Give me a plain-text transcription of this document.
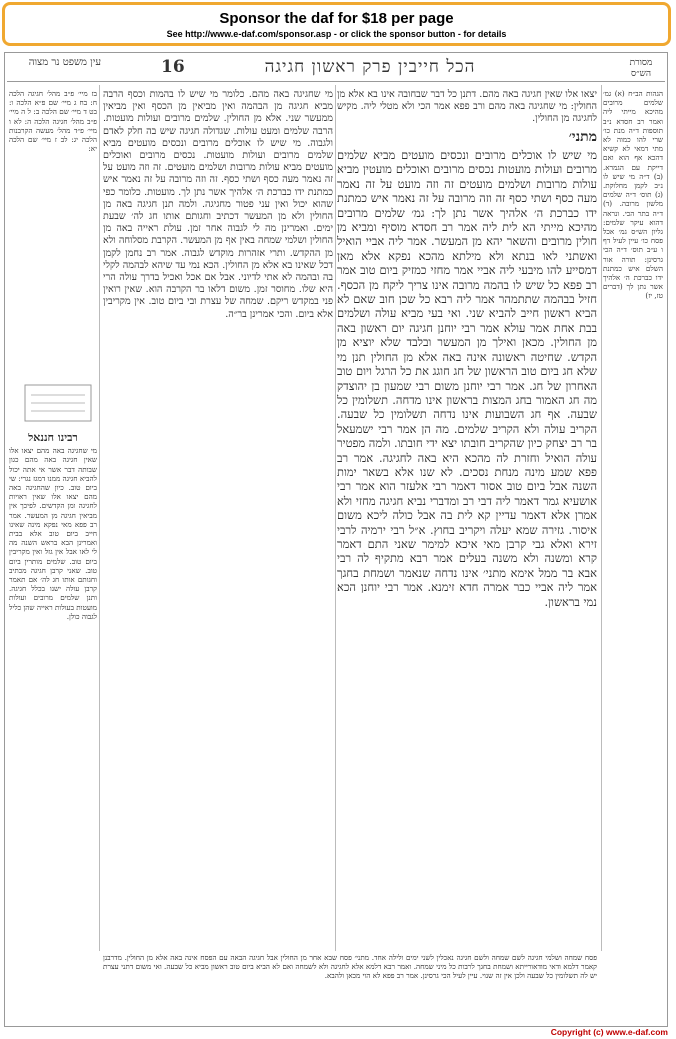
Sponsor the daf for $18 per page
See http://www.e-daf.com/sponsor.asp - or click the sponsor button - for details
עין משפט נר מצוה	16	הכל חייבין פרק ראשון חגיגה	מסורת הש״ס
בז מיי׳ פ״ב מהל׳ חגיגה הלכה ח: בח ג מיי׳ שם פ״א הלכה ו: בט ד מיי׳ שם הלכה ב: ל ה מיי׳ פ״ב מהל׳ חגיגה הלכה ה: לא ו מיי׳ פ״ד מהל׳ מעשה הקרבנות הלכה יג: לב ז מיי׳ שם הלכה יא:
רבינו חננאל
מי שחגיגה באה מהם יצאו אלו שאין חגיגה באה מהם כגון שבותה דבר אשר אי אתה יכול להביא חגיגה ממנו דמגז נגרי: שי ביום טוב. כיון שהחגיגה באה מהם יצאו אלו שאין ראויות לחגיגה ומן הקדשים. לפיכך אין מביאין חגיגה מן המעשר. אמר רב פפא מאי נפקא מינה שאינו חייב ביום טוב אלא בבית ואמרינן הבא בראש השנה מה לי לאו אבל אין גזל ואין מקריבין ביום טוב. שלמים מותרין ביום טוב. שאני קרבן חגיגה מכתיב וחגותם אותו חג לה׳ אם תאמר קרבן עולה ישנו בכלל חגיגה. ותנן שלמים מרובים ועולות מועטות בעולות ראייה שהן כליל לגבוה כולן.
מי שחגיגה באה מהם. כלומר מי שיש לו בהמות וכסף הרבה מביא חגיגה מן הבהמה ואין מביאין מן הכסף ואין מביאין ממעשר שני. אלא מן החולין. שלמים מרובים ועולות מועטות. הרבה שלמים ומעט עולות. שגדולה חגיגה שיש בה חלק לאדם ולגבוה. מי שיש לו אוכלים מרובים ונכסים מועטים מביא שלמים מרובים ועולות מועטות. נכסים מרובים ואוכלים מועטים מביא עולות מרובות ושלמים מועטים. זה וזה מועט על זה נאמר מעה כסף ושתי כסף. זה וזה מרובה על זה נאמר איש כמתנת ידו כברכת ה׳ אלהיך אשר נתן לך. מועטות. כלומר כפי שהוא יכול ואין עני פטור מחגיגה. ולמה תנן חגיגה באה מן החולין ולא מן המעשר דכתיב וחגותם אותו חג לה׳ שבעת ימים. ואמרינן מה לי לגבוה אחר זמן. עולת ראייה באה מן החולין ושלמי שמחה באין אף מן המעשר. הקרבת מסלוחה ולא מן ההקדש. ותרי אזהרות מוקדש לגבוה. אמר רב נחמן לקמן דכל שאינו בא אלא מן החולין. הכא נמי עד שיהא לבהמה לקלי בה ובהמה לא אתי לדיוני. אבל אם אכל ואכיל בדרך עולה הרי היא שלו. מחוסר זמן. משום דלאו בר הקרבה הוא. שאין רואין פני במקדש ריקם. שמחה של עצרת ובי ביום טוב. אין מקריבין אלא ביום. והכי אמרינן בר״ה.
יצאו אלו שאין חגיגה באה מהם. דתנן כל דבר שבחובה אינו בא אלא מן החולין: מי שחגיגה באה מהם ורב פפא אמר הכי ולא מטלי ליה. מקיש לחגיגה מן החולין.
מתני׳
מי שיש לו אוכלים מרובים ונכסים מועטים מביא שלמים מרובים ועולות מועטות נכסים מרובים ואוכלים מועטין מביא עולות מרובות ושלמים מועטים זה וזה מועט על זה נאמר מעה כסף ושתי כסף זה וזה מרובה על זה נאמר איש כמתנת ידו כברכת ה׳ אלהיך אשר נתן לך: גמ׳ שלמים מרובים מהיכא מייתי הא לית ליה אמר רב חסדא מוסיף ומביא מן חולין מרובים והשאר יהא מן המעשר. אמר ליה אביי הואיל ואשתני לאו בנתא ולא מילתא מהכא נפקא אלא מאן דמסייע להו מיבעי ליה אביי אמר מחזי כמזיק ביום טוב אמר רב פפא כל שיש לו בהמה מרובה אינו צריך ליקח מן הכסף. חזיל בבהמה שתתמהר אמר ליה רבא כל שכן חוב שאם לא הביא ראשון חייב להביא שני. ואי בעי מביא עולה ושלמים בבת אחת אמר עולא אמר רבי יוחנן חגיגה יום ראשון באה מן החולין. מכאן ואילך מן המעשר ובלבד שלא יוציא מן הקדש. שחיטה ראשונה אינה באה אלא מן החולין תנן מי שלא חג ביום טוב הראשון של חג חוגג את כל הרגל ויום טוב האחרון של חג. אמר רבי יוחנן משום רבי שמעון בן יהוצדק מה חג האמור בחג המצות בראשון אינו מדחה. תשלומין כל שבעה. אף חג השבועות אינו נדחה תשלומין כל שבעה. הקריב עולה ולא הקריב שלמים. מה הן אמר רבי ישמעאל בר רב יצחק כיון שהקריב חובתו יצא ידי חובתו. ולמה מפטיר עולה הואיל וחזרת לה מהכא היא באה לחגיגה. אמר רב פפא שמע מינה מנחת נסכים. לא שנו אלא בשאר ימות השנה אבל ביום טוב אסור דאמר רבי אלעזר הוא אמר רבי אושעיא גמר דאמר ליה דבי רב ומדברי נביא חגיגה מחזי ולא אמרן אלא דאמר עדיין קא לית בה אבל כולה ליכא משום איסור. גזירה שמא יעלה ויקריב בחוץ. א״ל רבי ירמיה לרבי זירא ואלא גבי קרבן מאי איכא למימר שאני התם דאמר קרא ומשנה ולא משנה בעלים אמר רבא מתקיף לה רבי אבא בר ממל אימא מתני׳ אינו נדחה שנאמר ושמחת בחגך אמר ליה אביי כבר אמרה חדא זימנא. אמר רבי יוחנן הכא נמי בראשון.
הגהות הב״ח (א) גמ׳ שלמים מרובים מהיכא מייתי ליה ואמר רב חסדא נ״ב תוספות ד״ה מנת כו׳ שרי להו כמוה לא מתי דמאי לא קשיא דהכא אף הוא ואם דייקת עם הגמרא. (ב) ד״ה מי שיש לו נ״ב לקמן מחלוקת. (ג) תוס׳ ד״ה שלמים מלשון מרובה. (ד) ד״ה בתר הכי. ונראה דהוא עיקר שלמים: גליון הש״ס גמ׳ אכל פסח כו׳ עיין לעיל דף ו ע״ב תוס׳ ד״ה הכי גרסינן: תורה אור השלם איש כמתנת ידו כברכת ה׳ אלהיך אשר נתן לך (דברים טז, יז)
פסח שמחה ושלמי חגיגה לשם שמחה ולשם חגיגה נאכלין לשני ימים ולילה אחד. מתני׳ פסח שבא אחר מן החולין אבל חגיגה הבאה עם הפסח אינה באה אלא מן החולין. מדרבנן קאמר דלמא ודאי מודאורייתא ושמחת בחגך לרבות כל מיני שמחה. ואמר רבא דלמא אלא לחגיגה ולא לשמחה ואם לא הביא ביום טוב ראשון מביא כל שבעה. ואי משום דתני עצרת יש לה תשלומין כל שבעה ולכן אין זה שנוי. עיין לעיל הכי גרסינן. אמר רב פפא לא הוי מכאן ולהבא.
Copyright (c) www.e-daf.com
